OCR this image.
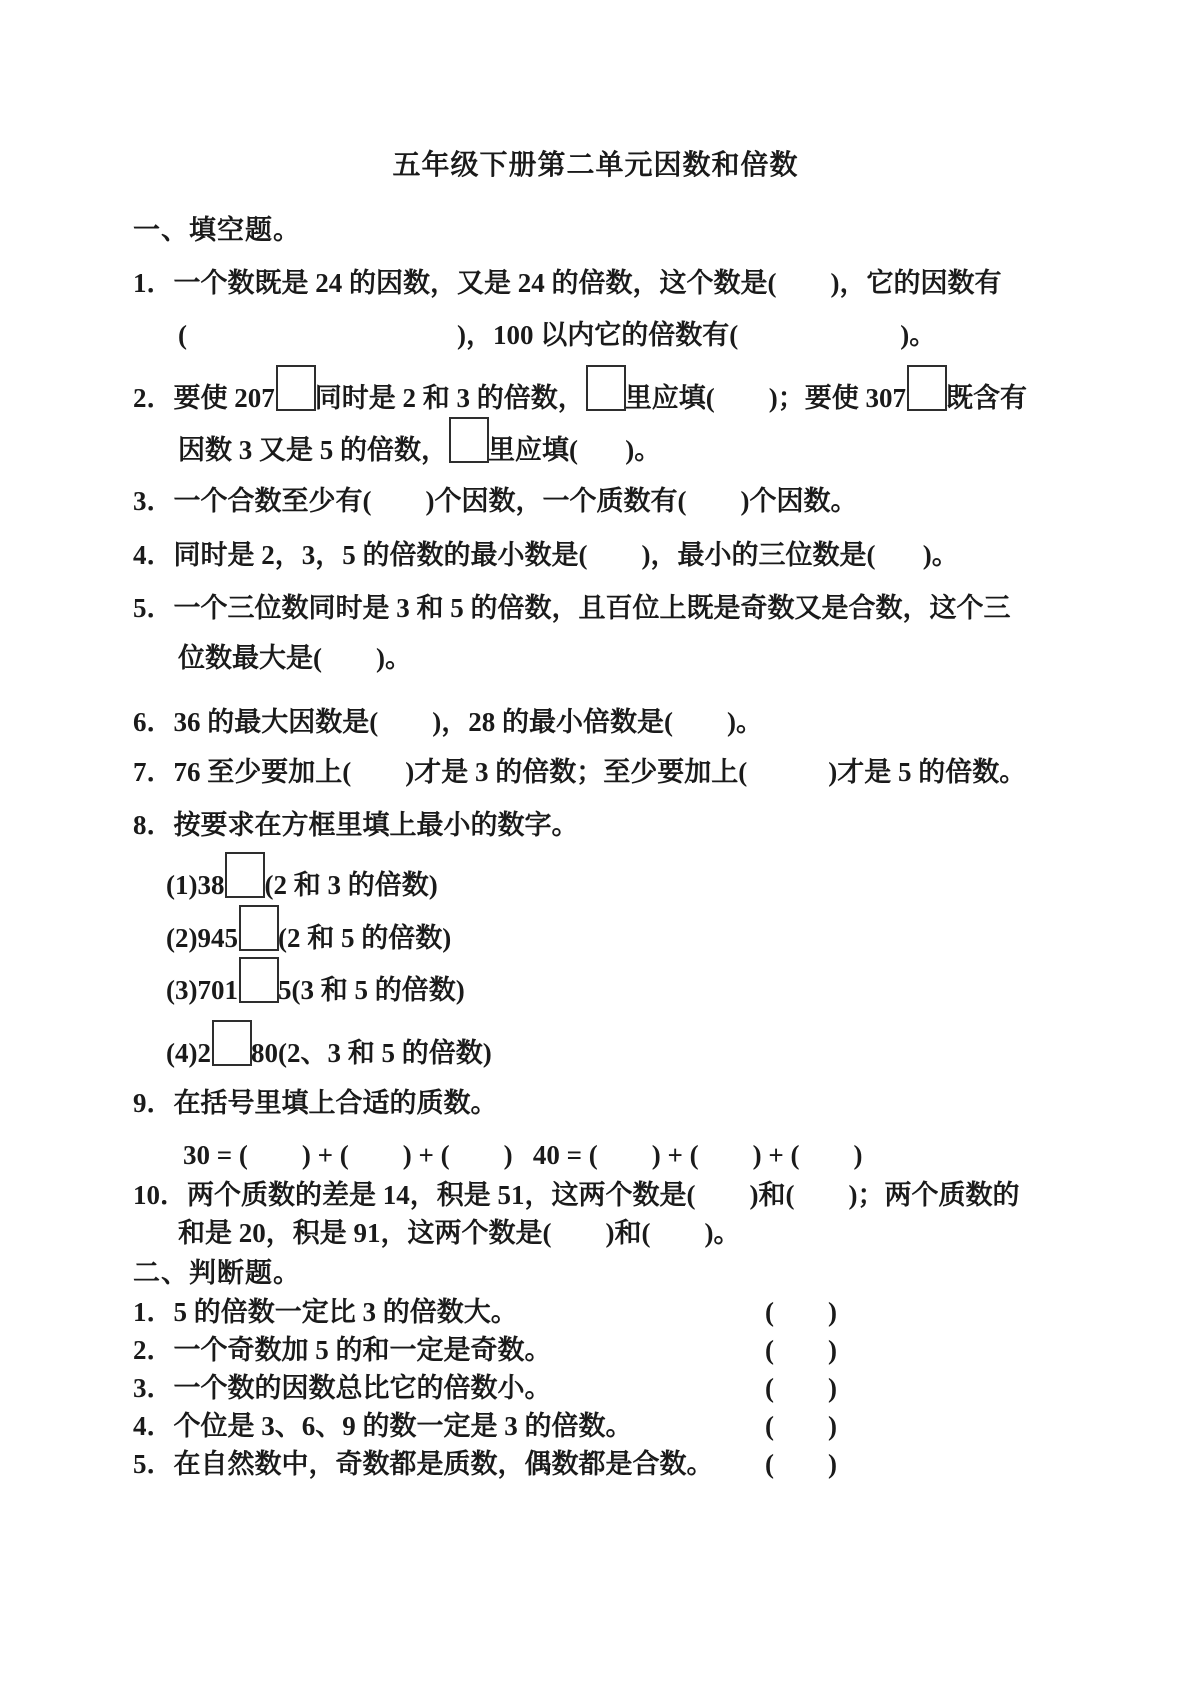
五年级下册第二单元因数和倍数
一、填空题。
1．一个数既是 24 的因数，又是 24 的倍数，这个数是(        )，它的因数有
(                                        )，100 以内它的倍数有(                        )。
2．要使 207 同时是 2 和 3 的倍数， 里应填(        )；要使 307 既含有
因数 3 又是 5 的倍数， 里应填(       )。
3．一个合数至少有(        )个因数，一个质数有(        )个因数。
4．同时是 2，3，5 的倍数的最小数是(        )，最小的三位数是(       )。
5．一个三位数同时是 3 和 5 的倍数，且百位上既是奇数又是合数，这个三
位数最大是(        )。
6．36 的最大因数是(        )，28 的最小倍数是(        )。
7．76 至少要加上(        )才是 3 的倍数；至少要加上(            )才是 5 的倍数。
8．按要求在方框里填上最小的数字。
(1)38 (2 和 3 的倍数)
(2)945 (2 和 5 的倍数)
(3)701 5(3 和 5 的倍数)
(4)2 80(2、3 和 5 的倍数)
9．在括号里填上合适的质数。
30 = (        ) + (        ) + (        )   40 = (        ) + (        ) + (        )
10．两个质数的差是 14，积是 51，这两个数是(        )和(        )；两个质数的
和是 20，积是 91，这两个数是(        )和(        )。
二、判断题。
1．5 的倍数一定比 3 的倍数大。	(        )
2．一个奇数加 5 的和一定是奇数。	(        )
3．一个数的因数总比它的倍数小。	(        )
4．个位是 3、6、9 的数一定是 3 的倍数。	(        )
5．在自然数中，奇数都是质数，偶数都是合数。 (        )
